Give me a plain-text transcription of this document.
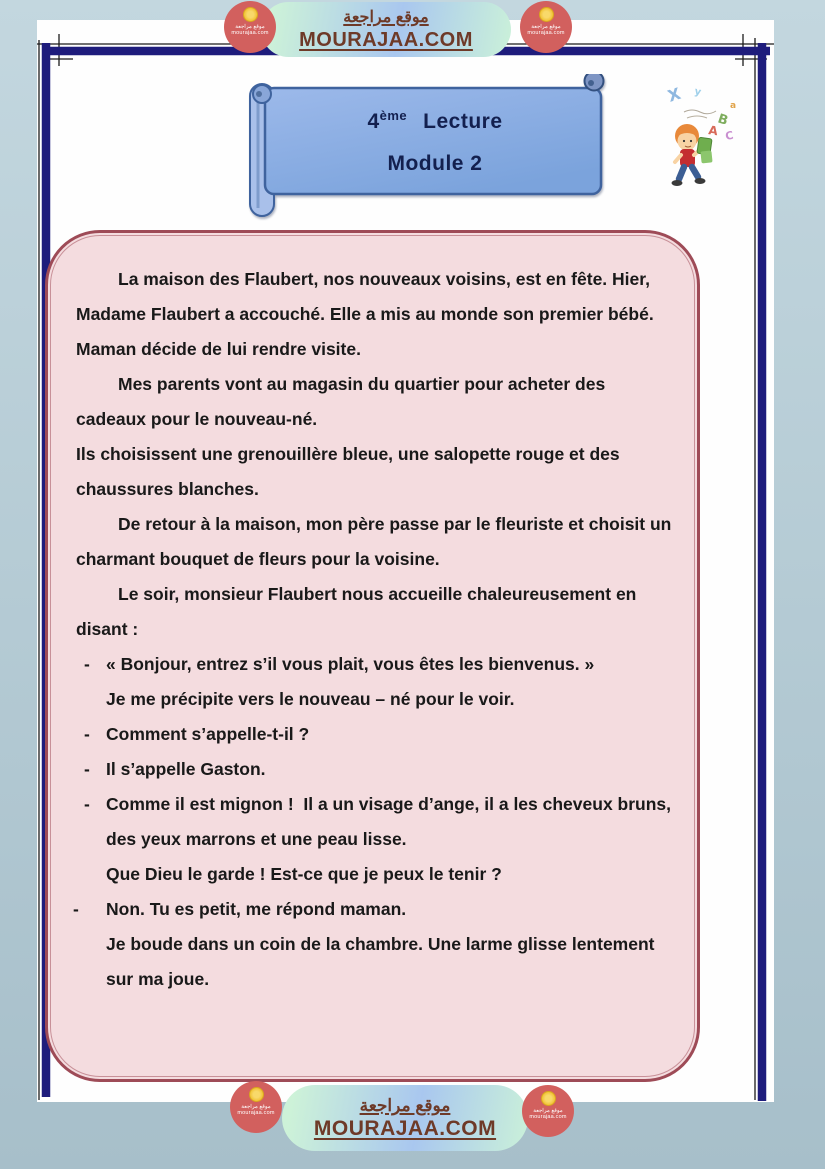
La maison des Flaubert, nos nouveaux voisins, est en fête. Hier, Madame Flaubert a accouché. Elle a mis au monde son premier bébé. Maman décide de lui rendre visite.
Mes parents vont au magasin du quartier pour acheter des cadeaux pour le nouveau-né.
Ils choisissent une grenouillère bleue, une salopette rouge et des chaussures blanches.
De retour à la maison, mon père passe par le fleuriste et choisit un charmant bouquet de fleurs pour la voisine.
Le soir, monsieur Flaubert nous accueille chaleureusement en disant :
- « Bonjour, entrez s’il vous plait, vous êtes les bienvenus. »
Je me précipite vers le nouveau – né pour le voir.
- Comment s’appelle-t-il ?
- Il s’appelle Gaston.
- Comme il est mignon !  Il a un visage d’ange, il a les cheveux bruns, des yeux marrons et une peau lisse.
Que Dieu le garde ! Est-ce que je peux le tenir ?
- Non. Tu es petit, me répond maman.
Je boude dans un coin de la chambre. Une larme glisse lentement sur ma joue.
4ème Lecture
Module 2
X y
B
C
A
a
موقع مراجعة
MOURAJAA.COM
موقع مراجعة
MOURAJAA.COM
موقع مراجعة
mourajaa.com
موقع مراجعة
mourajaa.com
موقع مراجعة
mourajaa.com	موقع مراجعة
mourajaa.com
